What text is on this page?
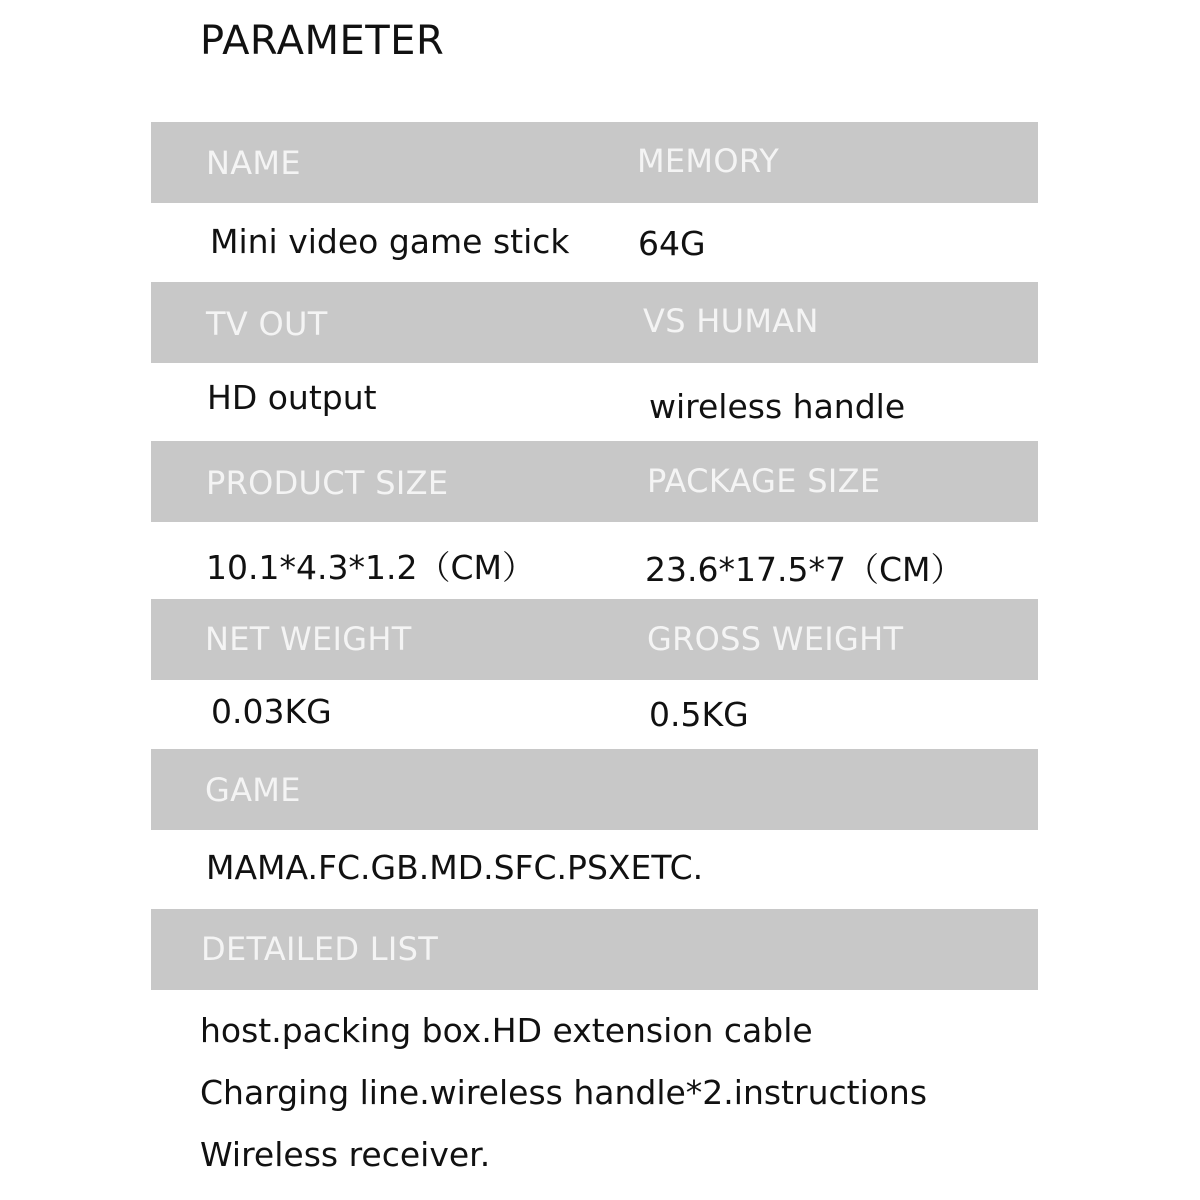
PARAMETER
NAME	MEMORY
Mini video game stick 64G
TV OUT	VS HUMAN
HD output	wireless handle
PRODUCT SIZE	PACKAGE SIZE
10.1*4.3*1.2（CM）	23.6*17.5*7（CM）
NET WEIGHT	GROSS WEIGHT
0.03KG	0.5KG
GAME
MAMA.FC.GB.MD.SFC.PSXETC.
DETAILED LIST
host.packing box.HD extension cable
Charging line.wireless handle*2.instructions
Wireless receiver.
